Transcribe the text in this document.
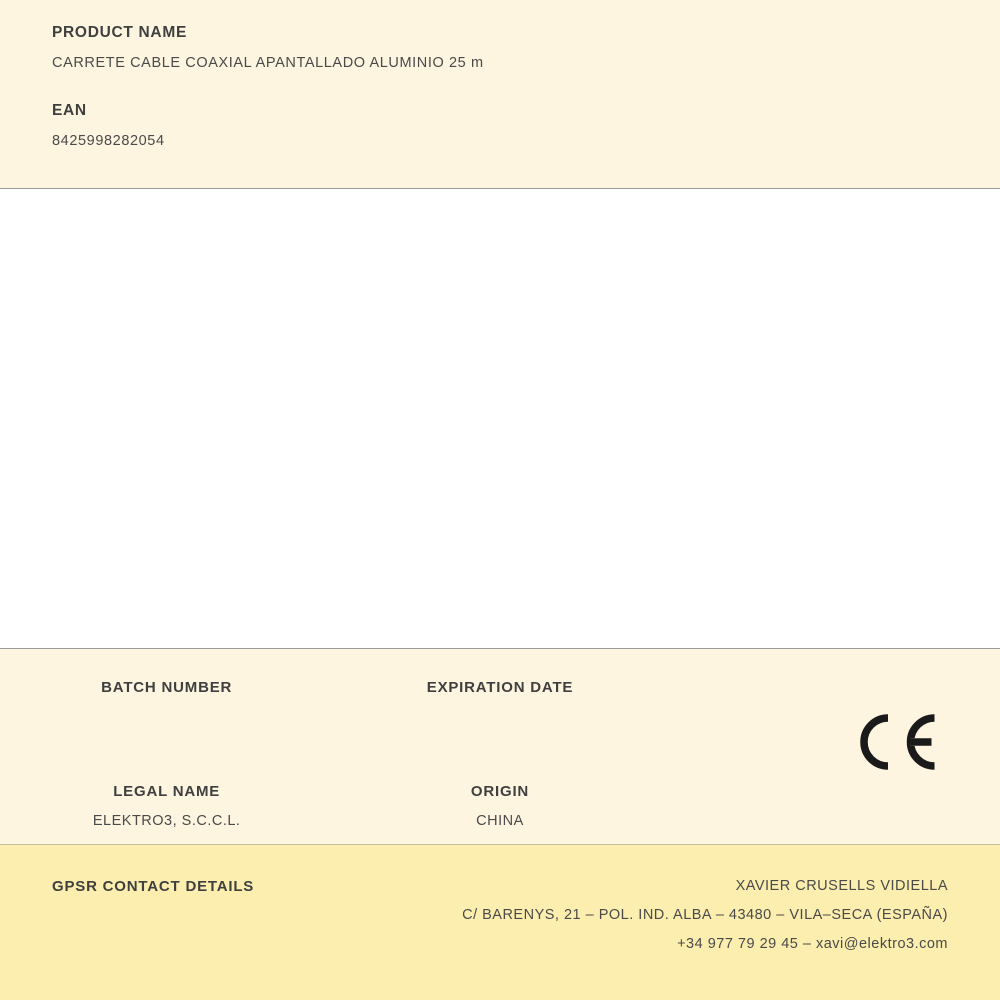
PRODUCT NAME

CARRETE CABLE COAXIAL APANTALLADO ALUMINIO 25 m

EAN

8425998282054

BATCH NUMBER	EXPIRATION DATE

LEGAL NAME

ELEKTRO3, S.C.C.L.

ORIGIN

CHINA

GPSR CONTACT DETAILS	XAVIER CRUSELLS VIDIELLA

C/ BARENYS, 21 – POL. IND. ALBA – 43480 – VILA–SECA (ESPAÑA)

+34 977 79 29 45 – xavi@elektro3.com
